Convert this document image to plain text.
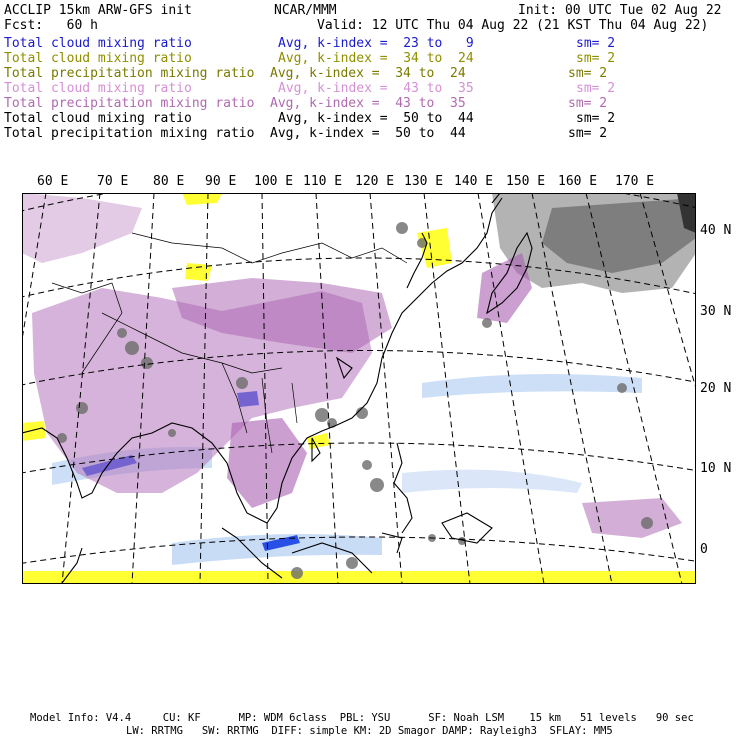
ACCLIP 15km ARW-GFS init	NCAR/MMM	Init: 00 UTC Tue 02 Aug 22
Fcst:   60 h	Valid: 12 UTC Thu 04 Aug 22 (21 KST Thu 04 Aug 22)
Total cloud mixing ratio	Avg, k-index =  23 to   9	sm= 2
Total cloud mixing ratio	Avg, k-index =  34 to  24	sm= 2
Total precipitation mixing ratio Avg, k-index =  34 to  24	sm= 2
Total cloud mixing ratio	Avg, k-index =  43 to  35	sm= 2
Total precipitation mixing ratio Avg, k-index =  43 to  35	sm= 2
Total cloud mixing ratio	Avg, k-index =  50 to  44	sm= 2
Total precipitation mixing ratio Avg, k-index =  50 to  44	sm= 2
60 E 70 E 80 E 90 E 100 E 110 E 120 E 130 E 140 E 150 E 160 E 170 E
40 N
30 N
20 N
10 N
0
Model Info: V4.4     CU: KF      MP: WDM 6class  PBL: YSU      SF: Noah LSM    15 km   51 levels   90 sec
LW: RRTMG   SW: RRTMG  DIFF: simple KM: 2D Smagor DAMP: Rayleigh3  SFLAY: MM5
